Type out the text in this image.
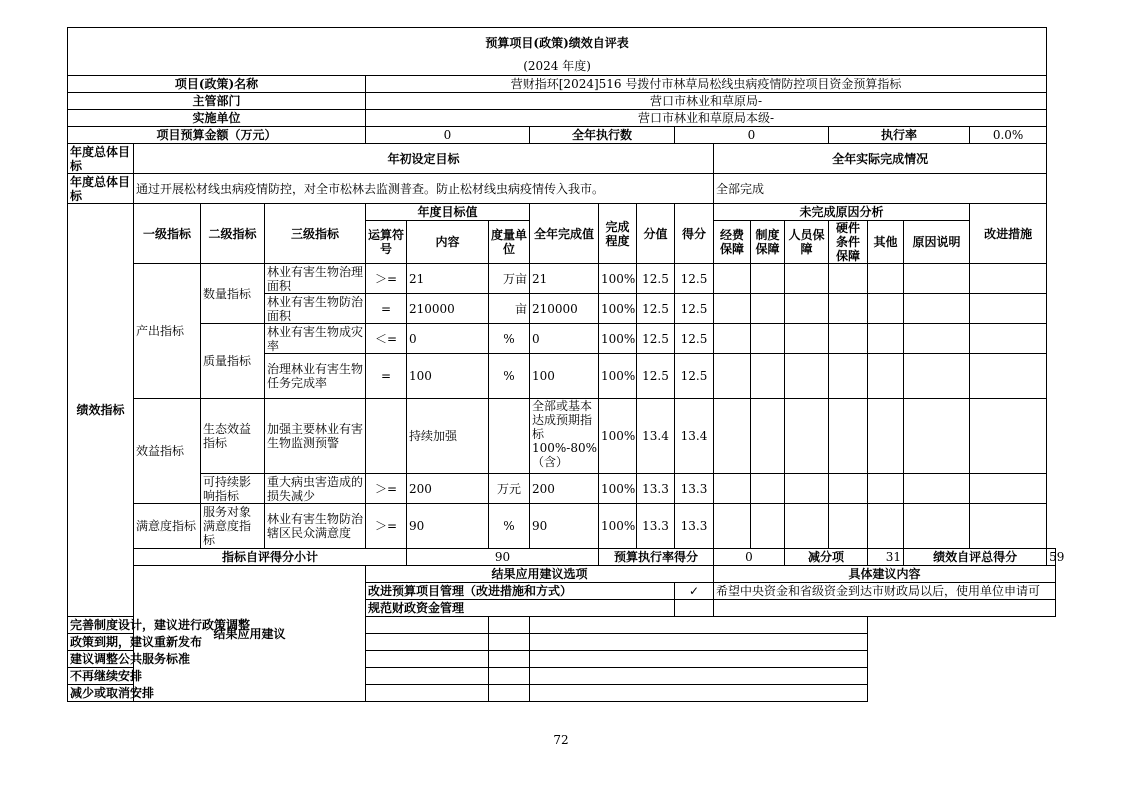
预算项目(政策)绩效自评表																		
(2024 年度)																		
项目(政策)名称				营财指环[2024]516 号拨付市林草局松线虫病疫情防控项目资金预算指标														
主管部门				营口市林业和草原局-														
实施单位				营口市林业和草原局本级-														
项目预算金额（万元）				0			全年执行数			0				执行率			0.0%	

年度总体目标	年初设定目标										全年实际完成情况							

年度总体目标	通过开展松材线虫病疫情防控，对全市松林去监测普查。防止松材线虫病疫情传入我市。										全部完成							
绩效指标	一级指标	二级指标	三级指标	年度目标值			全年完成值	完成程度	分值	得分	未完成原因分析						改进措施	
				运算符号	内容	度量单位					经费保障	制度保障	人员保障	硬件条件保障	其他	原因说明		

	产出指标	数量指标	林业有害生物治理面积	＞=	21	万亩	21	100%	12.5	12.5								

			林业有害生物防治面积	=	210000	亩	210000	100%	12.5	12.5								
		质量指标	林业有害生物成灾率	＜=	0	%	0	100%	12.5	12.5								

			治理林业有害生物任务完成率	=	100	%	100	100%	12.5	12.5								
	效益指标	生态效益指标	加强主要林业有害生物监测预警		持续加强		全部或基本达成预期指标100%-80%（含）	100%	13.4	13.4								

		可持续影响指标	重大病虫害造成的损失减少	＞=	200	万元	200	100%	13.3	13.3								
	满意度指标	服务对象满意度指标	林业有害生物防治辖区民众满意度	＞=	90	%	90	100%	13.3	13.3								
	指标自评得分小计				90			预算执行率得分			0		减分项		31	绩效自评总得分		59
	结果应用建议			结果应用建议选项							具体建议内容							
				改进预算项目管理（改进措施和方式）						✓	希望中央资金和省级资金到达市财政局以后，使用单位申请可							
				规范财政资金管理														
完善制度设计，建议进行政策调整																		
政策到期，建议重新发布																		
建议调整公共服务标准																		
不再继续安排																		
减少或取消安排																		
72
